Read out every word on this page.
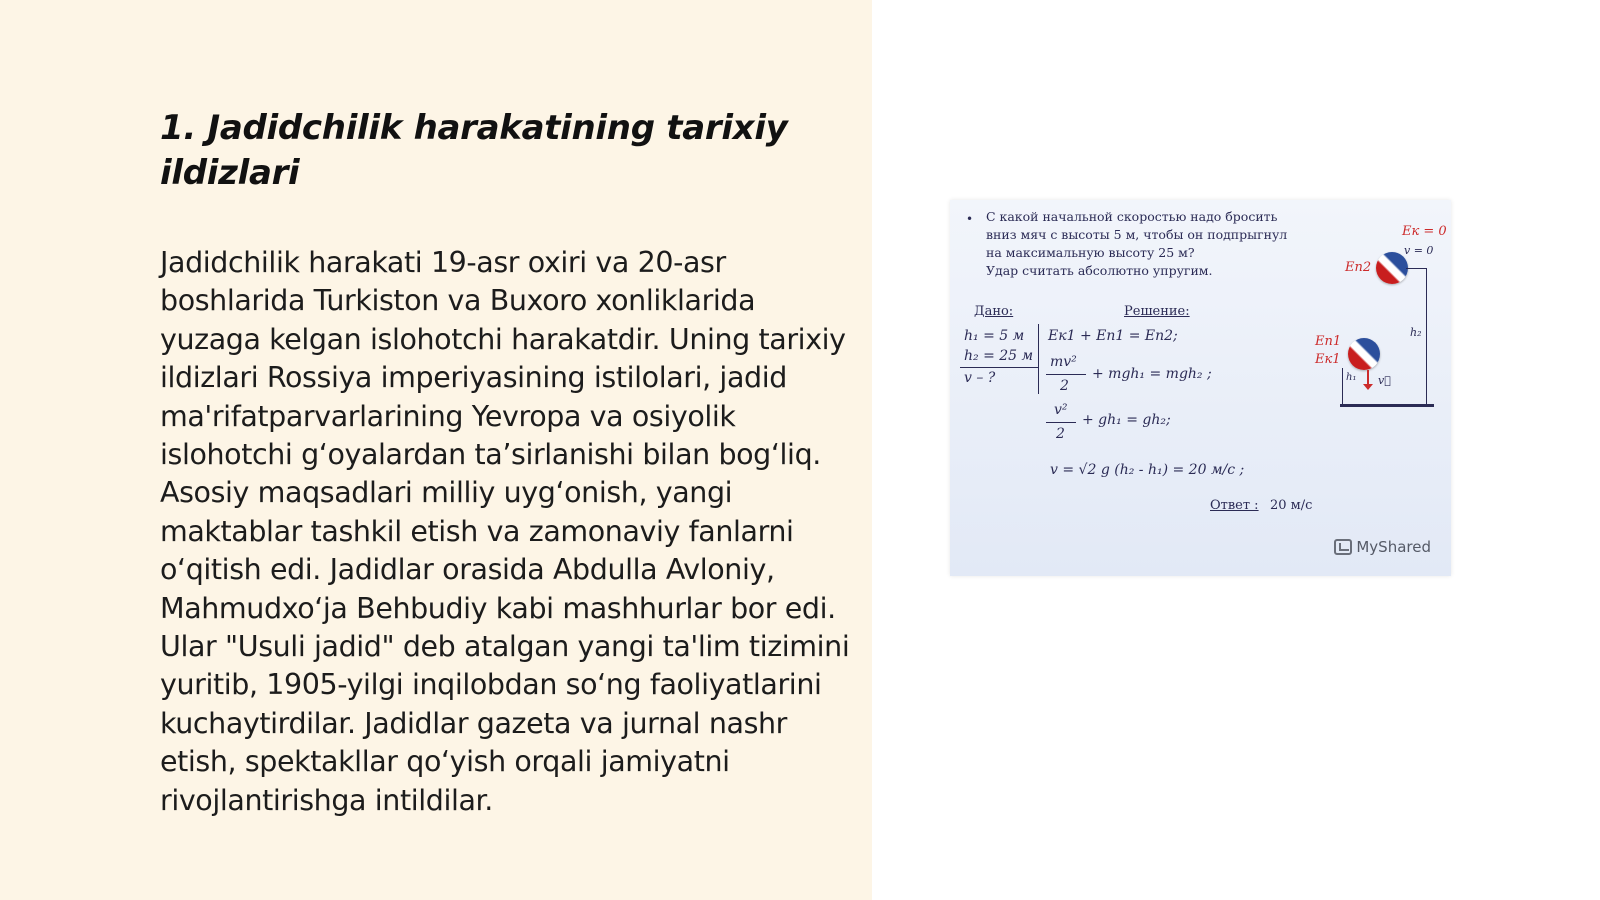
1. Jadidchilik harakatining tarixiy ildizlari

Jadidchilik harakati 19-asr oxiri va 20-asr boshlarida Turkiston va Buxoro xonliklarida yuzaga kelgan islohotchi harakatdir. Uning tarixiy ildizlari Rossiya imperiyasining istilolari, jadid ma'rifatparvarlarining Yevropa va osiyolik islohotchi g‘oyalardan ta’sirlanishi bilan bog‘liq. Asosiy maqsadlari milliy uyg‘onish, yangi maktablar tashkil etish va zamonaviy fanlarni o‘qitish edi. Jadidlar orasida Abdulla Avloniy, Mahmudxo‘ja Behbudiy kabi mashhurlar bor edi. Ular "Usuli jadid" deb atalgan yangi ta'lim tizimini yuritib, 1905-yilgi inqilobdan so‘ng faoliyatlarini kuchaytirdilar. Jadidlar gazeta va jurnal nashr etish, spektakllar qo‘yish orqali jamiyatni rivojlantirishga intildilar.

• С какой начальной скоростью надо бросить
вниз мяч с высоты 5 м, чтобы он подпрыгнул
на максимальную высоту 25 м?
Удар считать абсолютно упругим.
Дано:	Решение:
h₁ = 5 м
h₂ = 25 м
v – ?
Eк1 + Eп1 = Eп2;
mv²
2
+ mgh₁ = mgh₂ ;
v²
2
+ gh₁ = gh₂;
v = √2 g (h₂ - h₁) = 20 м/с ;
Ответ : 20 м/с
Eк = 0
v = 0
Eп2
h₂
Eп1
Eк1
h₁ v⃗
MyShared
